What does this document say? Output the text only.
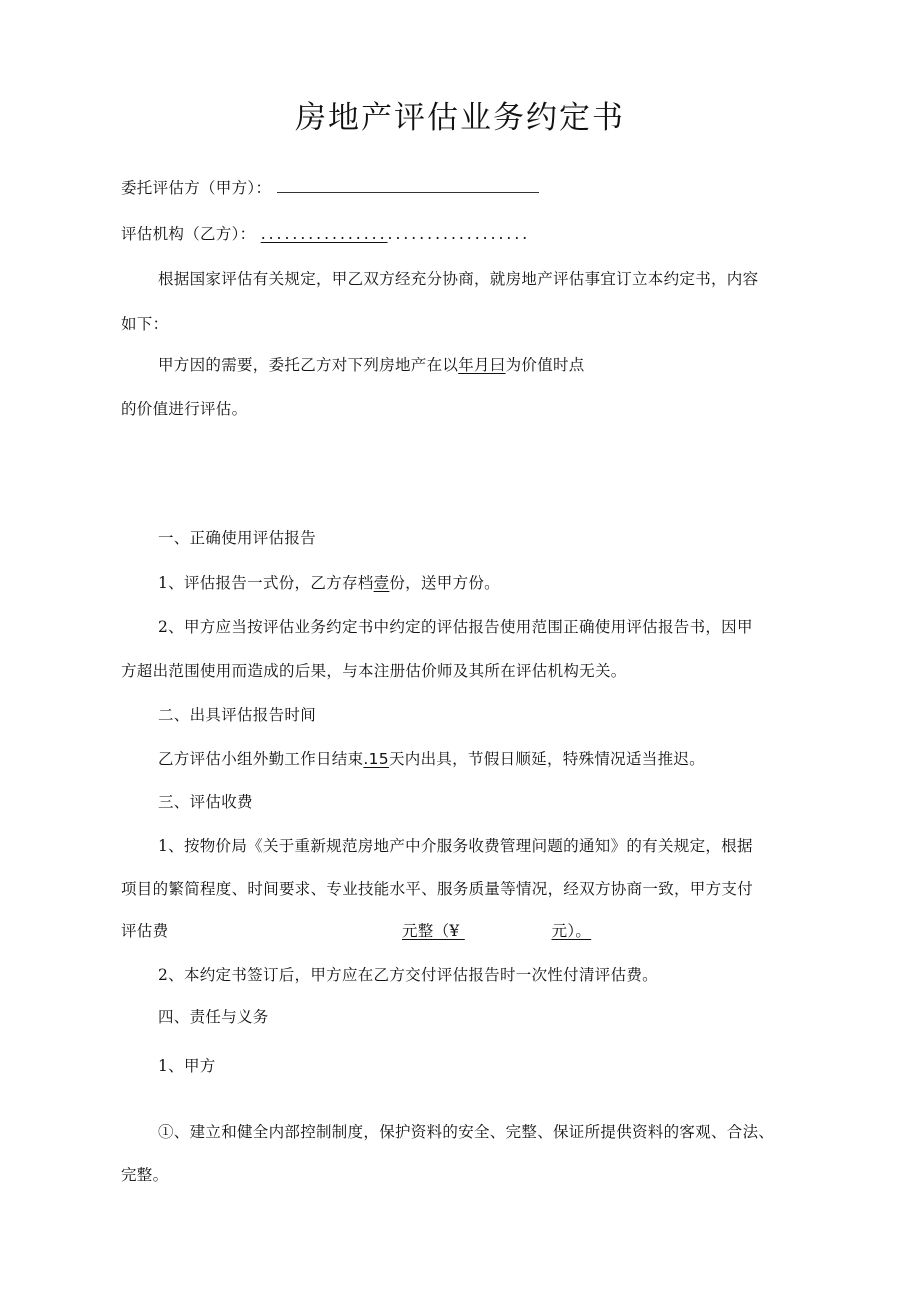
房地产评估业务约定书
委托评估方（甲方）：
评估机构（乙方）： ..................................
根据国家评估有关规定，甲乙双方经充分协商，就房地产评估事宜订立本约定书，内容
如下：
甲方因的需要，委托乙方对下列房地产在以年月曰为价值时点
的价值进行评估。
一、正确使用评估报告
1、评估报告一式份，乙方存档壹份，送甲方份。
2、甲方应当按评估业务约定书中约定的评估报告使用范围正确使用评估报告书，因甲
方超出范围使用而造成的后果，与本注册估价师及其所在评估机构无关。
二、出具评估报告时间
乙方评估小组外勤工作日结束.15天内出具，节假日顺延，特殊情况适当推迟。
三、评估收费
1、按物价局《关于重新规范房地产中介服务收费管理问题的通知》的有关规定，根据
项目的繁简程度、时间要求、专业技能水平、服务质量等情况，经双方协商一致，甲方支付
评估费	元整（¥	元）。
2、本约定书签订后，甲方应在乙方交付评估报告时一次性付清评估费。
四、责任与义务
1、甲方
①、建立和健全内部控制制度，保护资料的安全、完整、保证所提供资料的客观、合法、
完整。
